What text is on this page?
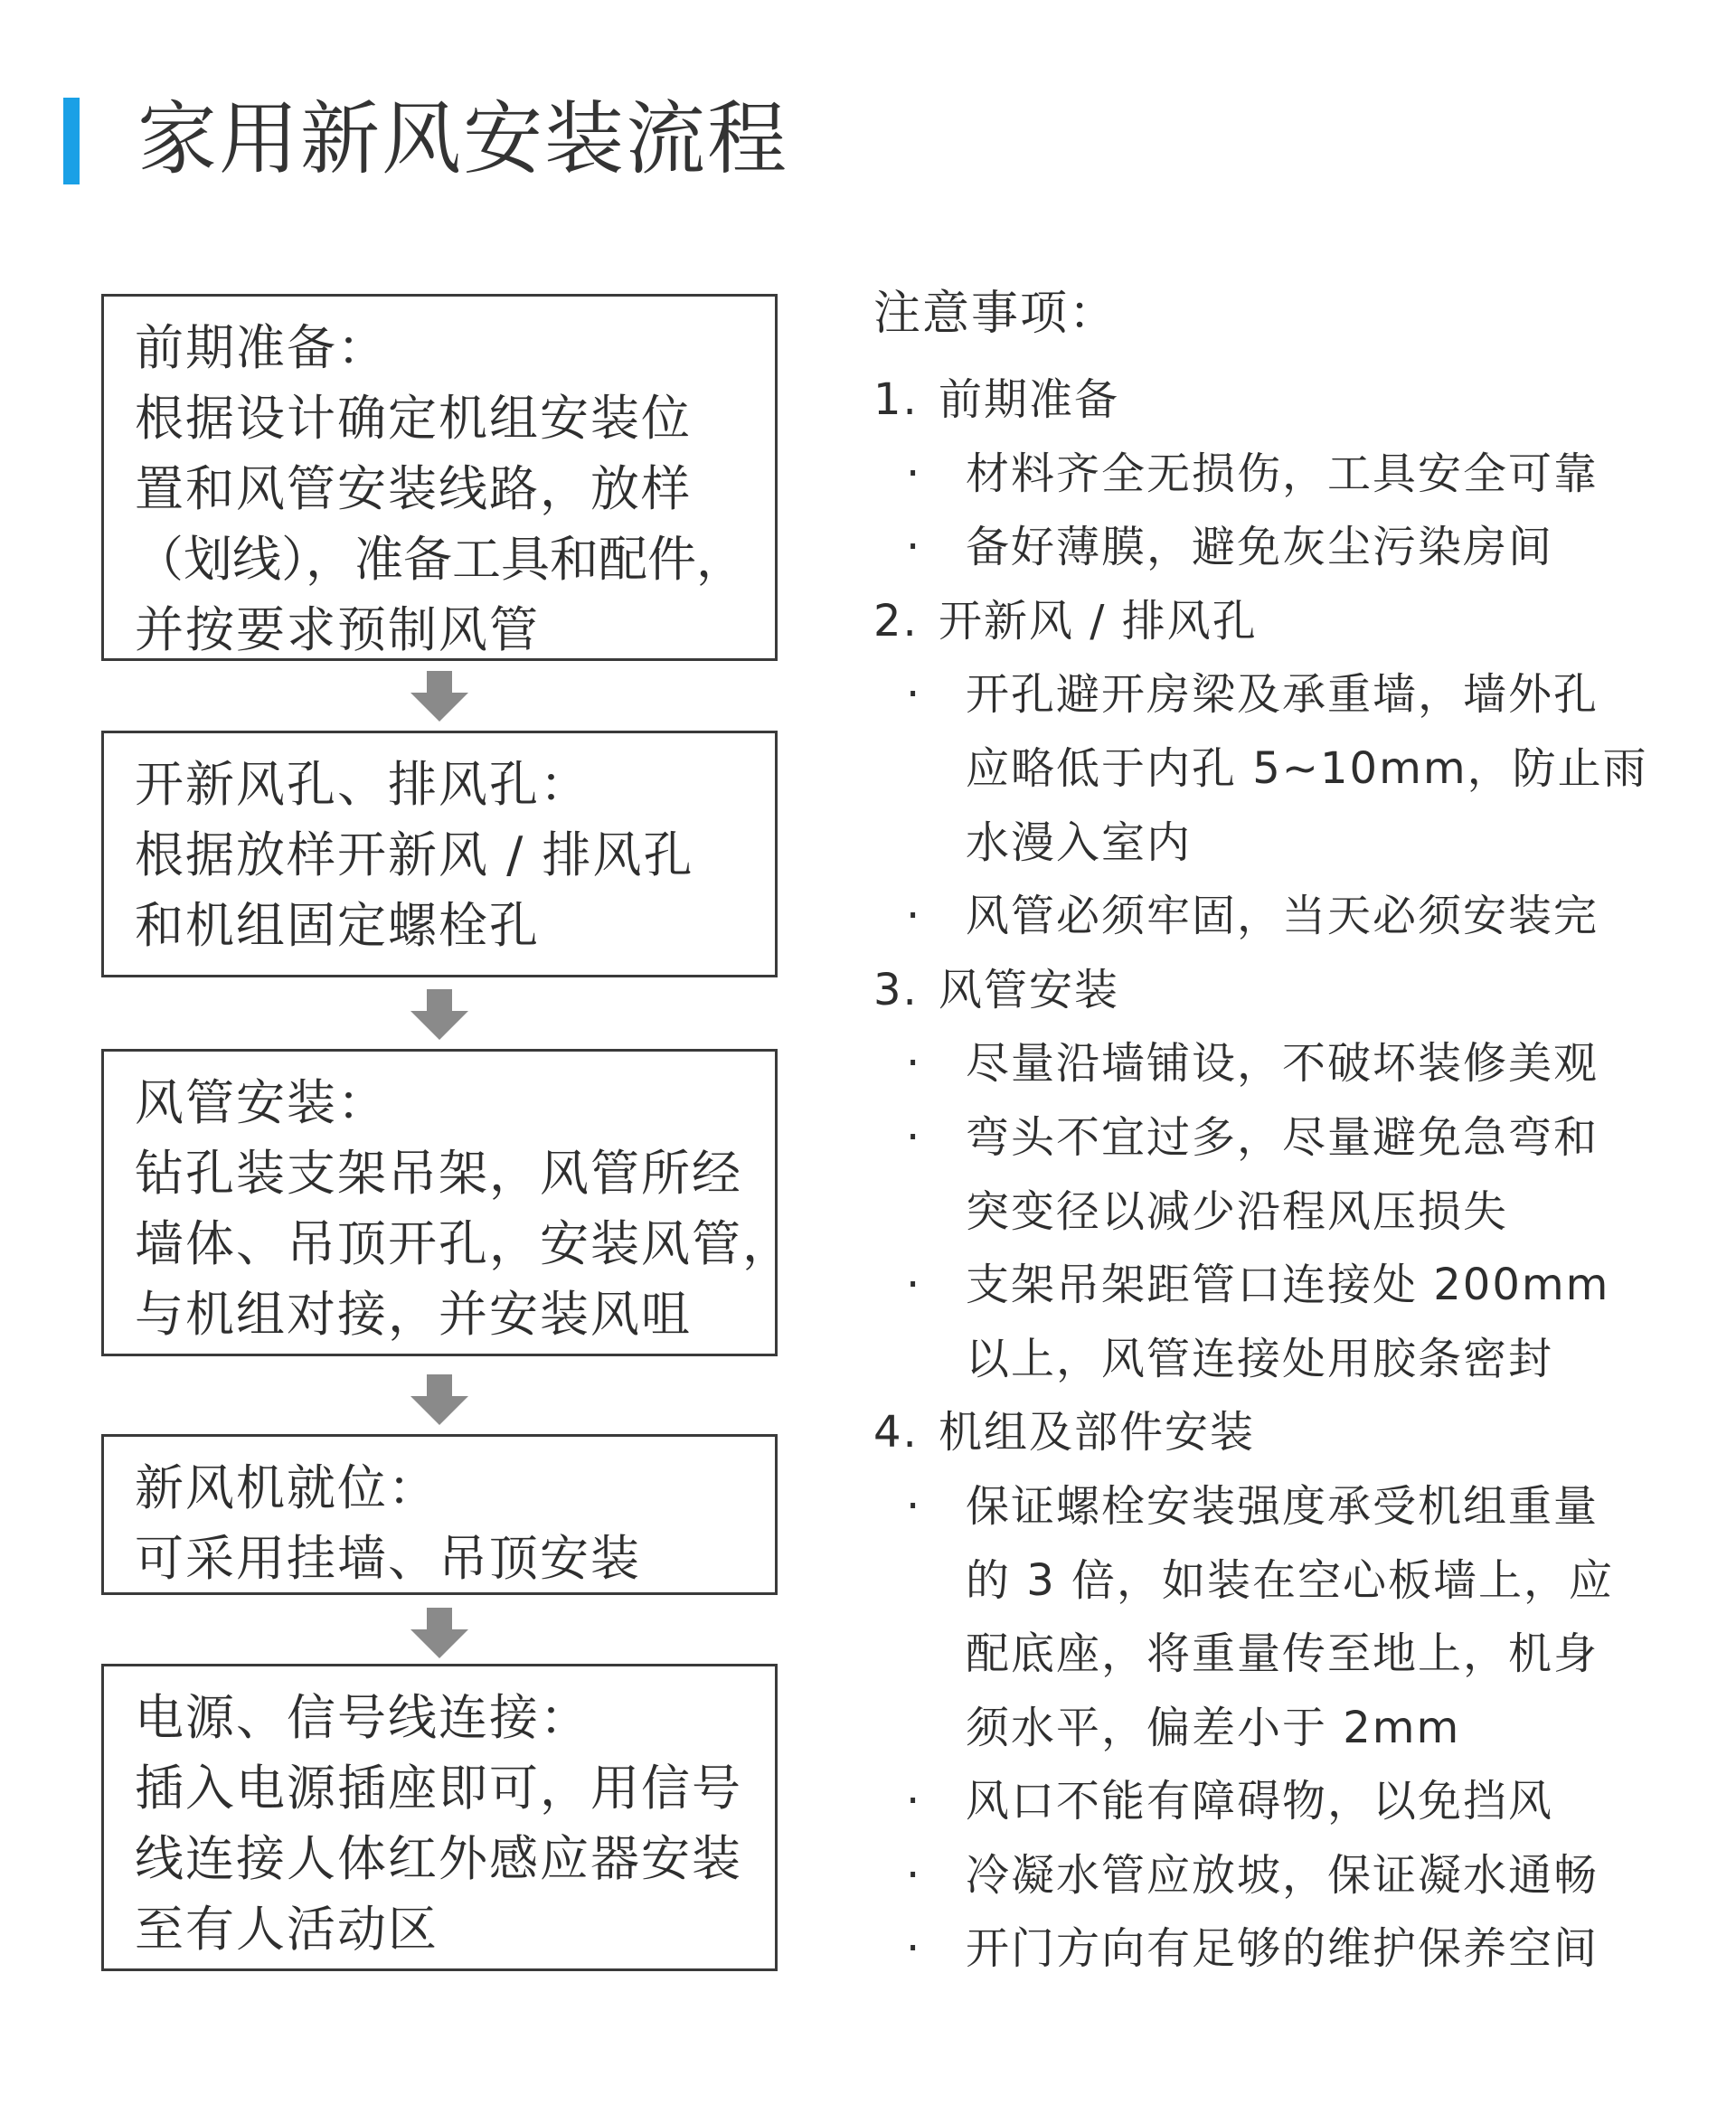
家用新风安装流程

前期准备：

根据设计确定机组安装位

置和风管安装线路，放样

（划线），准备工具和配件，

并按要求预制风管

开新风孔、排风孔：

根据放样开新风 / 排风孔

和机组固定螺栓孔

风管安装：

钻孔装支架吊架，风管所经

墙体、吊顶开孔，安装风管，

与机组对接，并安装风咀

新风机就位：

可采用挂墙、吊顶安装

电源、信号线连接：

插入电源插座即可，用信号

线连接人体红外感应器安装

至有人活动区

注意事项：
1. 前期准备
· 材料齐全无损伤，工具安全可靠
· 备好薄膜，避免灰尘污染房间
2. 开新风 / 排风孔
· 开孔避开房梁及承重墙，墙外孔
应略低于内孔 5~10mm，防止雨
水漫入室内
· 风管必须牢固，当天必须安装完
3. 风管安装
· 尽量沿墙铺设，不破坏装修美观
· 弯头不宜过多，尽量避免急弯和
突变径以减少沿程风压损失
· 支架吊架距管口连接处 200mm
以上，风管连接处用胶条密封
4. 机组及部件安装
· 保证螺栓安装强度承受机组重量
的 3 倍，如装在空心板墙上，应
配底座，将重量传至地上，机身
须水平，偏差小于 2mm
· 风口不能有障碍物，以免挡风
· 冷凝水管应放坡，保证凝水通畅
· 开门方向有足够的维护保养空间
